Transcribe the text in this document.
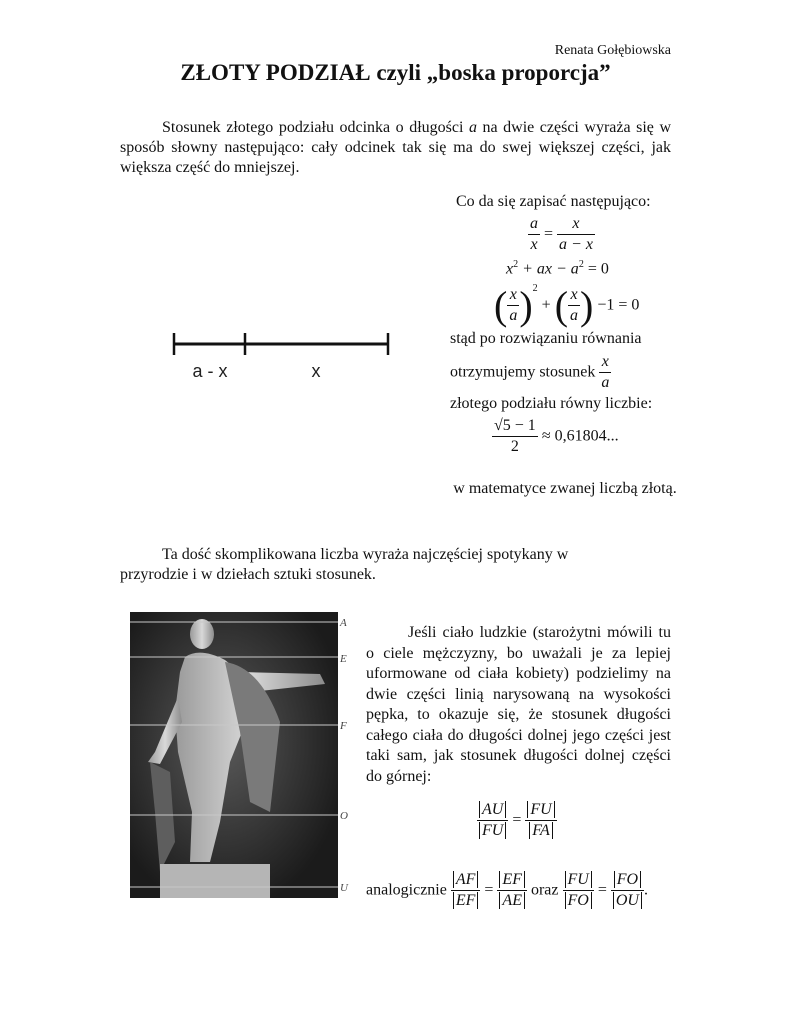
Renata Gołębiowska
ZŁOTY PODZIAŁ czyli „boska proporcja”
Stosunek złotego podziału odcinka o długości a na dwie części wyraża się w sposób słowny następująco: cały odcinek tak się ma do swej większej części, jak większa część do mniejszej.
Co da się zapisać następująco:
$\frac{a}{x} = \frac{x}{a - x}$
$x^2$ + ax − $a^2 = 0$
( $\frac{x}{a} )^2$ + ( $\frac{x}{a}$ ) −1 = 0
stąd po rozwiązaniu równania
otrzymujemy stosunek $\frac{x}{a}$
złotego podziału równy liczbie:
$\frac{√5 - 1}{2} \approx 0,61804$...
w matematyce zwanej liczbą złotą.
a - x	x
Ta dość skomplikowana liczba wyraża najczęściej spotykany w przyrodzie i w dziełach sztuki stosunek.
A
E
F
O
U
Jeśli ciało ludzkie (starożytni mówili tu o ciele mężczyzny, bo uważali je za lepiej uformowane od ciała kobiety) podzielimy na dwie części linią narysowaną na wysokości pępka, to okazuje się, że stosunek długości całego ciała do długości dolnej jego części jest taki sam, jak stosunek długości dolnej części do górnej:
$\frac{AU}{FU} = \frac{FU}{FA}$
analogicznie $\frac{AF}{EF} = \frac{EF}{AE}$ oraz $\frac{FU}{FO} = \frac{FO}{OU}$ .
